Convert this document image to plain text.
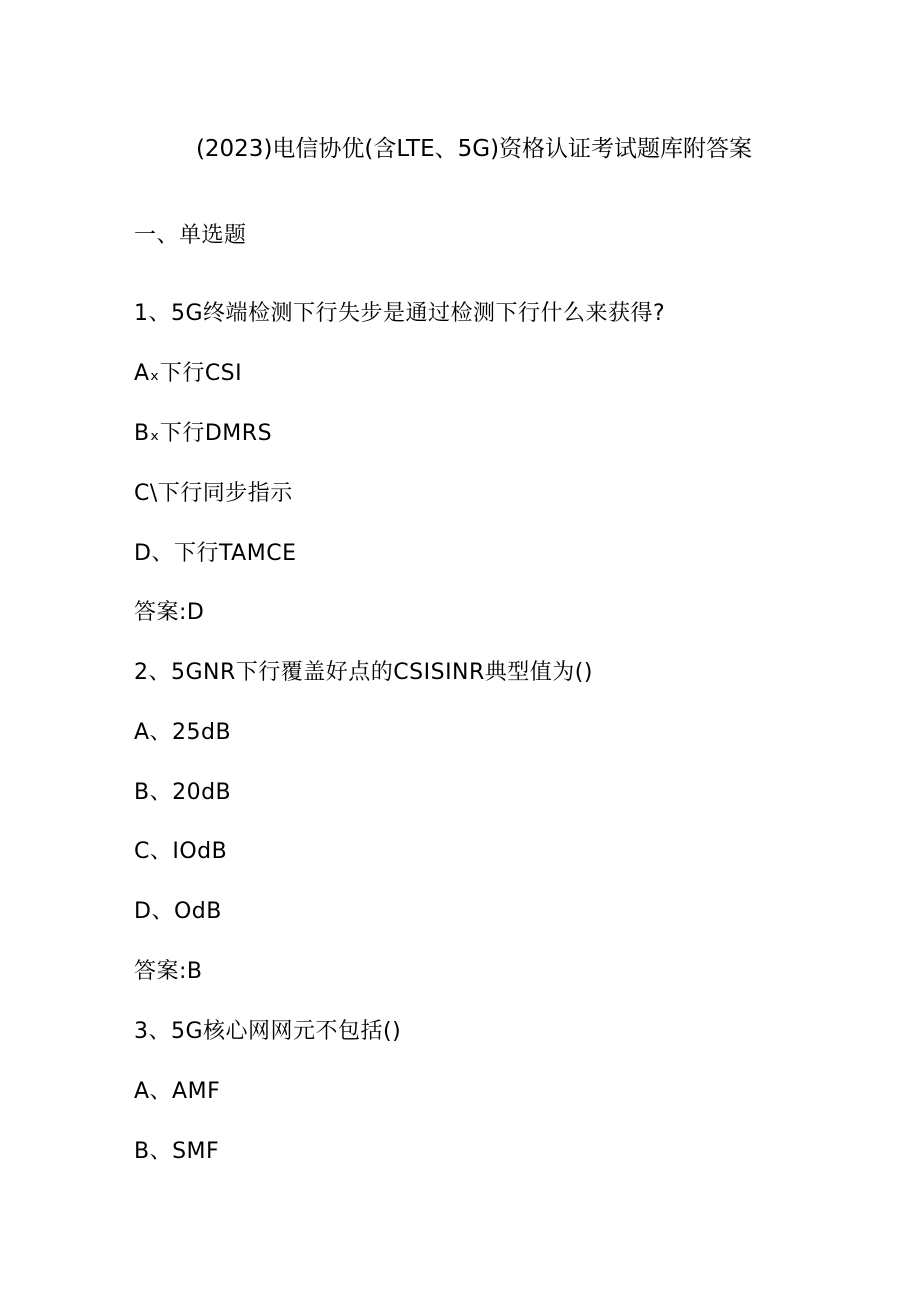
(2023)电信协优(含LTE、5G)资格认证考试题库附答案
一、单选题
1、5G终端检测下行失步是通过检测下行什么来获得?
Aₓ下行CSI
Bₓ下行DMRS
C\下行同步指示
D、下行TAMCE
答案:D
2、5GNR下行覆盖好点的CSISINR典型值为()
A、25dB
B、20dB
C、IOdB
D、OdB
答案:B
3、5G核心网网元不包括()
A、AMF
B、SMF
